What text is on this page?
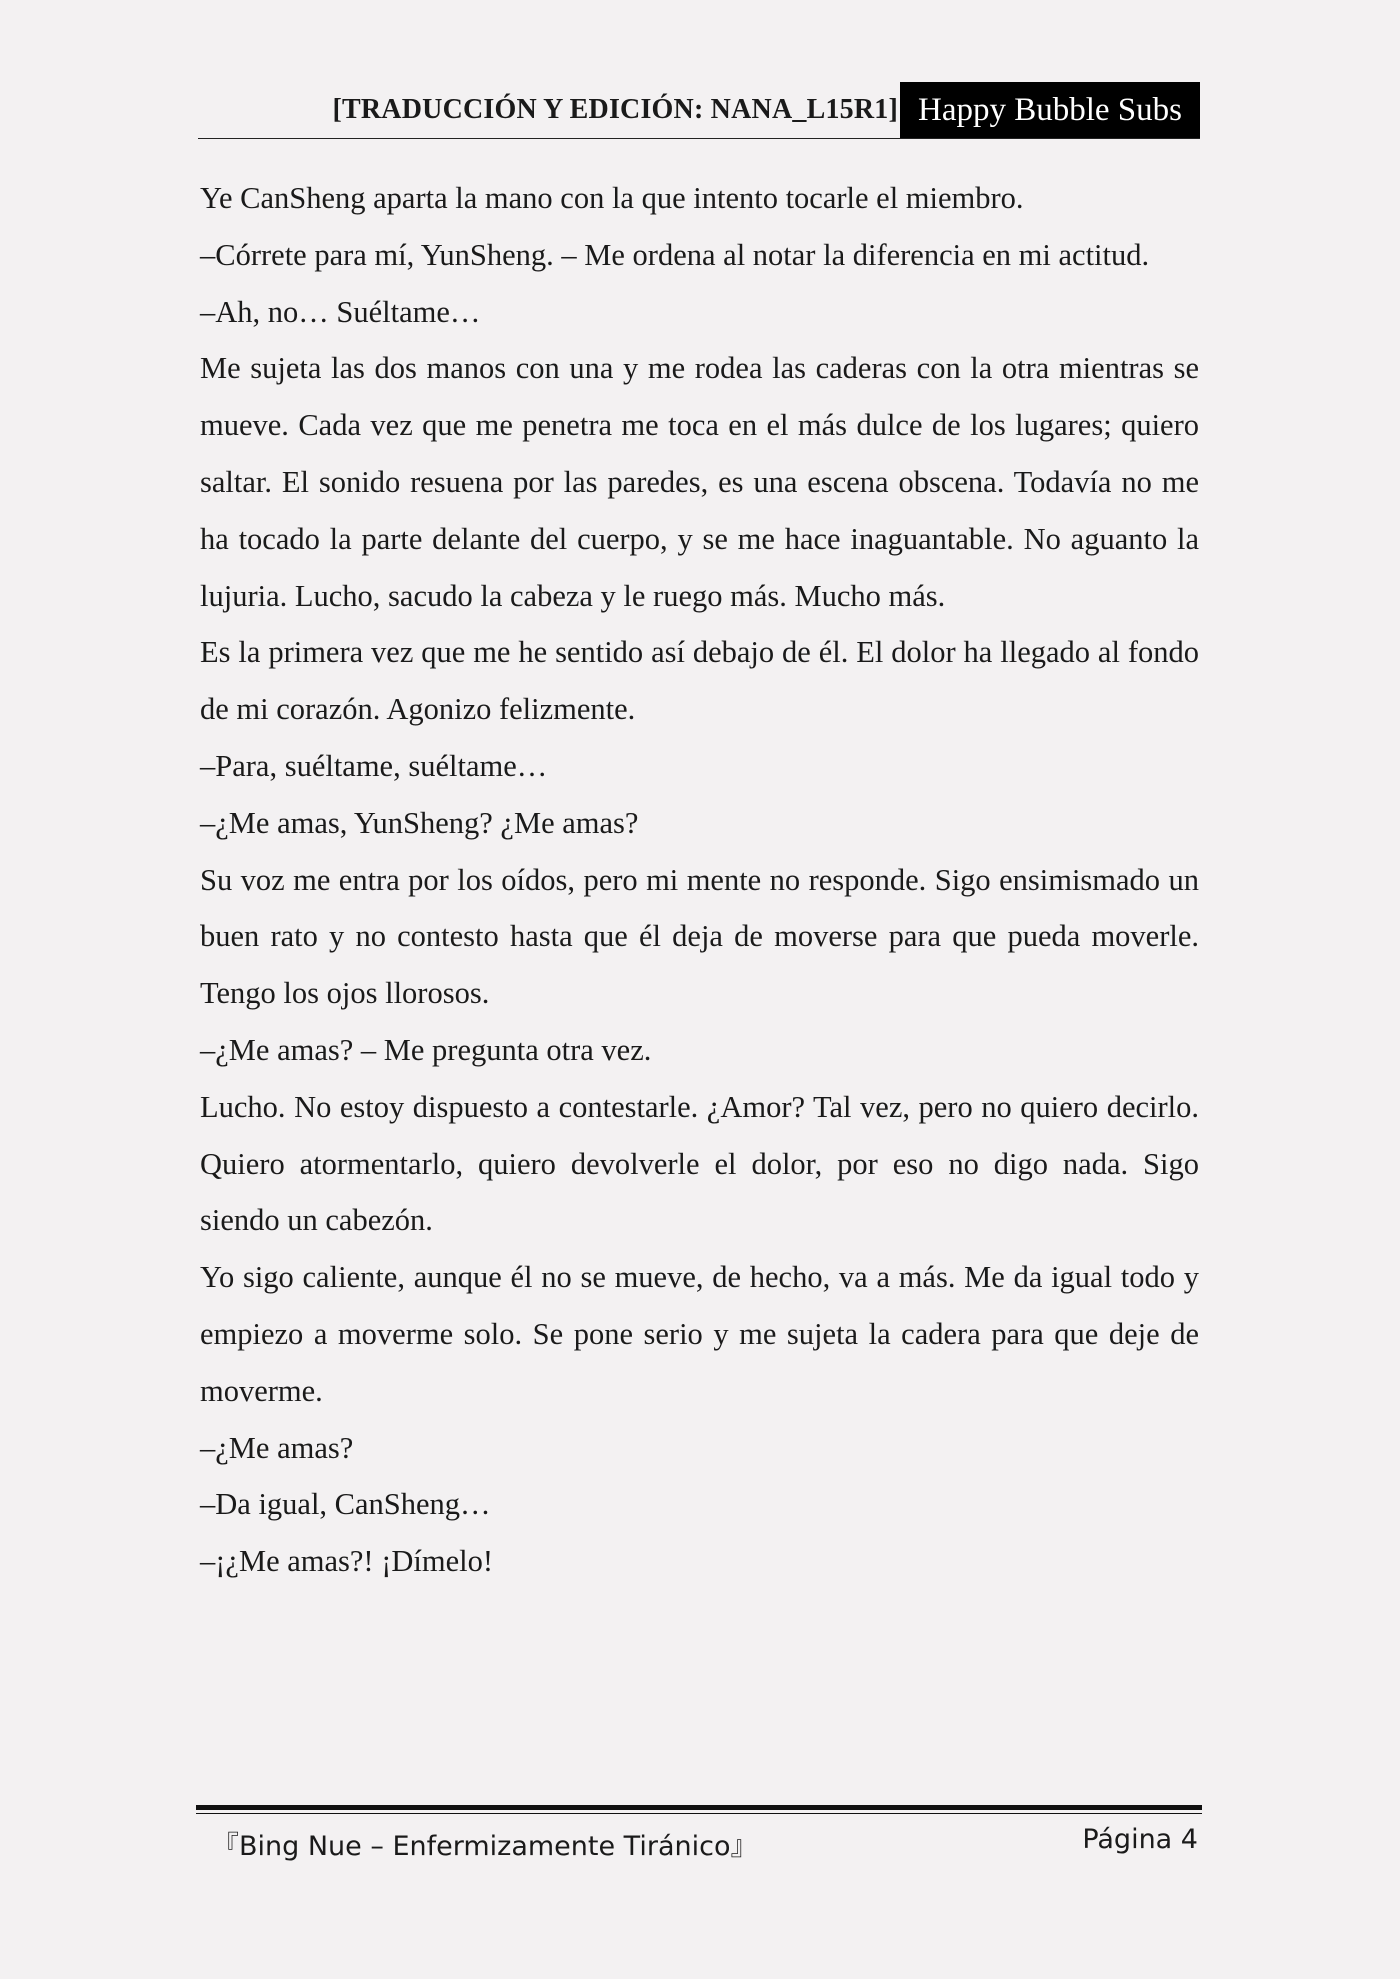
[TRADUCCIÓN Y EDICIÓN: NANA_L15R1] Happy Bubble Subs

Ye CanSheng aparta la mano con la que intento tocarle el miembro.

–Córrete para mí, YunSheng. – Me ordena al notar la diferencia en mi actitud.

–Ah, no… Suéltame…

Me sujeta las dos manos con una y me rodea las caderas con la otra mientras se mueve. Cada vez que me penetra me toca en el más dulce de los lugares; quiero saltar. El sonido resuena por las paredes, es una escena obscena. Todavía no me ha tocado la parte delante del cuerpo, y se me hace inaguantable. No aguanto la lujuria. Lucho, sacudo la cabeza y le ruego más. Mucho más.

Es la primera vez que me he sentido así debajo de él. El dolor ha llegado al fondo de mi corazón. Agonizo felizmente.

–Para, suéltame, suéltame…

–¿Me amas, YunSheng? ¿Me amas?

Su voz me entra por los oídos, pero mi mente no responde. Sigo ensimismado un buen rato y no contesto hasta que él deja de moverse para que pueda moverle. Tengo los ojos llorosos.

–¿Me amas? – Me pregunta otra vez.

Lucho. No estoy dispuesto a contestarle. ¿Amor? Tal vez, pero no quiero decirlo. Quiero atormentarlo, quiero devolverle el dolor, por eso no digo nada. Sigo siendo un cabezón.

Yo sigo caliente, aunque él no se mueve, de hecho, va a más. Me da igual todo y empiezo a moverme solo. Se pone serio y me sujeta la cadera para que deje de moverme.

–¿Me amas?

–Da igual, CanSheng…

–¡¿Me amas?! ¡Dímelo!

『Bing Nue – Enfermizamente Tiránico』	Página 4
